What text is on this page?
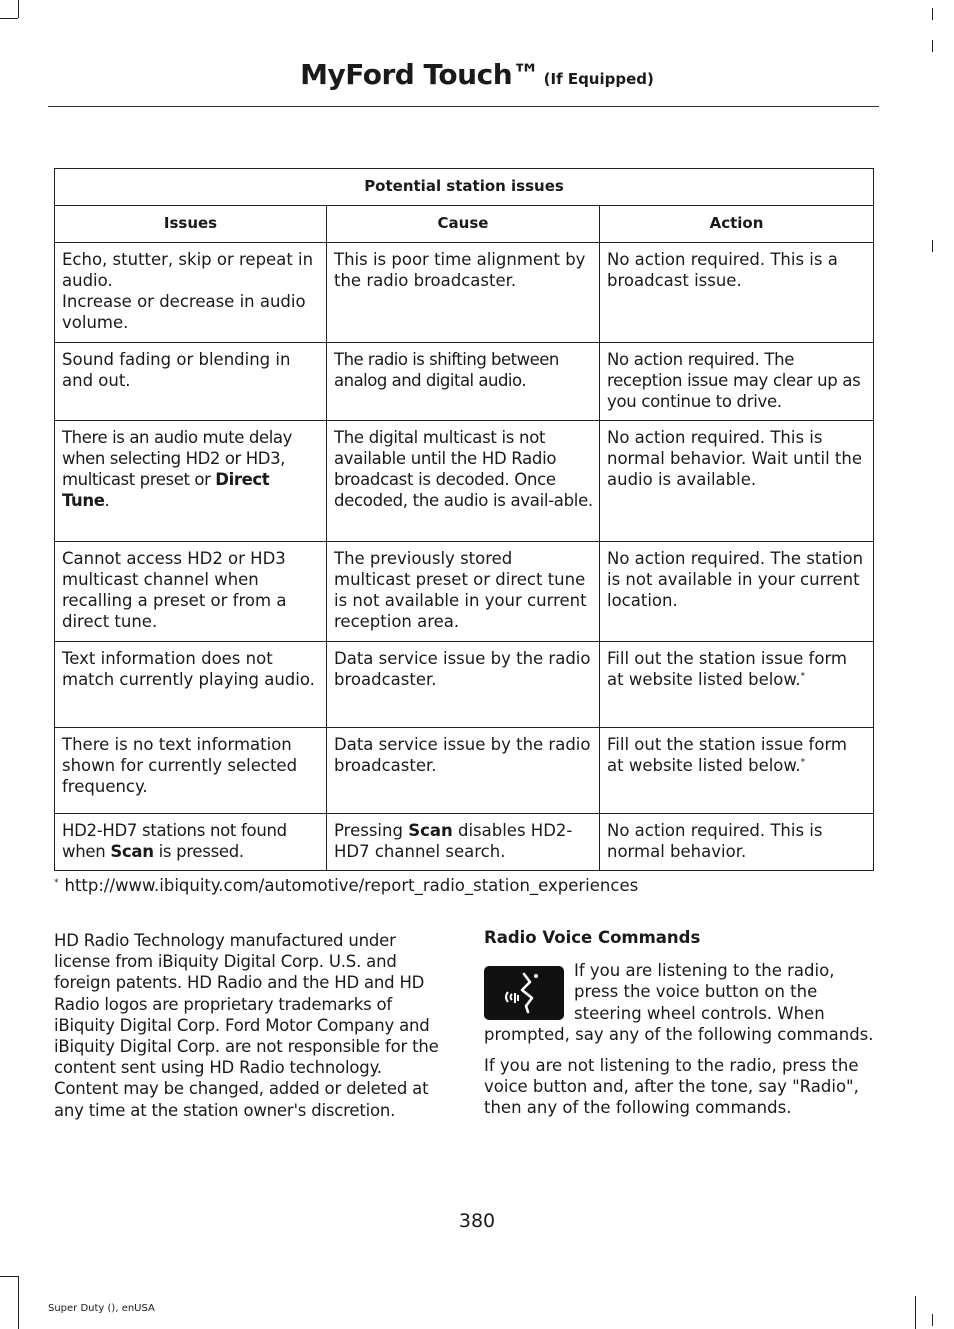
MyFord Touch™ (If Equipped)
Potential station issues		
Issues	Cause	Action
Echo, stutter, skip or repeat in audio.
Increase or decrease in audio volume.	This is poor time alignment by the radio broadcaster.	No action required. This is a broadcast issue.
Sound fading or blending in and out.	The radio is shifting between analog and digital audio.	No action required. The reception issue may clear up as you continue to drive.
There is an audio mute delay when selecting HD2 or HD3, multicast preset or Direct Tune.	The digital multicast is not available until the HD Radio broadcast is decoded. Once decoded, the audio is avail-able.	No action required. This is normal behavior. Wait until the audio is available.
Cannot access HD2 or HD3 multicast channel when recalling a preset or from a direct tune.	The previously stored multicast preset or direct tune is not available in your current reception area.	No action required. The station is not available in your current location.
Text information does not match currently playing audio.	Data service issue by the radio broadcaster.	Fill out the station issue form at website listed below.*
There is no text information shown for currently selected frequency.	Data service issue by the radio broadcaster.	Fill out the station issue form at website listed below.*
HD2-HD7 stations not found when Scan is pressed.	Pressing Scan disables HD2-HD7 channel search.	No action required. This is normal behavior.
* http://www.ibiquity.com/automotive/report_radio_station_experiences
HD Radio Technology manufactured under license from iBiquity Digital Corp. U.S. and foreign patents. HD Radio and the HD and HD Radio logos are proprietary trademarks of iBiquity Digital Corp. Ford Motor Company and iBiquity Digital Corp. are not responsible for the content sent using HD Radio technology. Content may be changed, added or deleted at any time at the station owner's discretion.
Radio Voice Commands

If you are listening to the radio, press the voice button on the steering wheel controls. When prompted, say any of the following commands.

If you are not listening to the radio, press the voice button and, after the tone, say "Radio", then any of the following commands.

380
Super Duty (), enUSA
